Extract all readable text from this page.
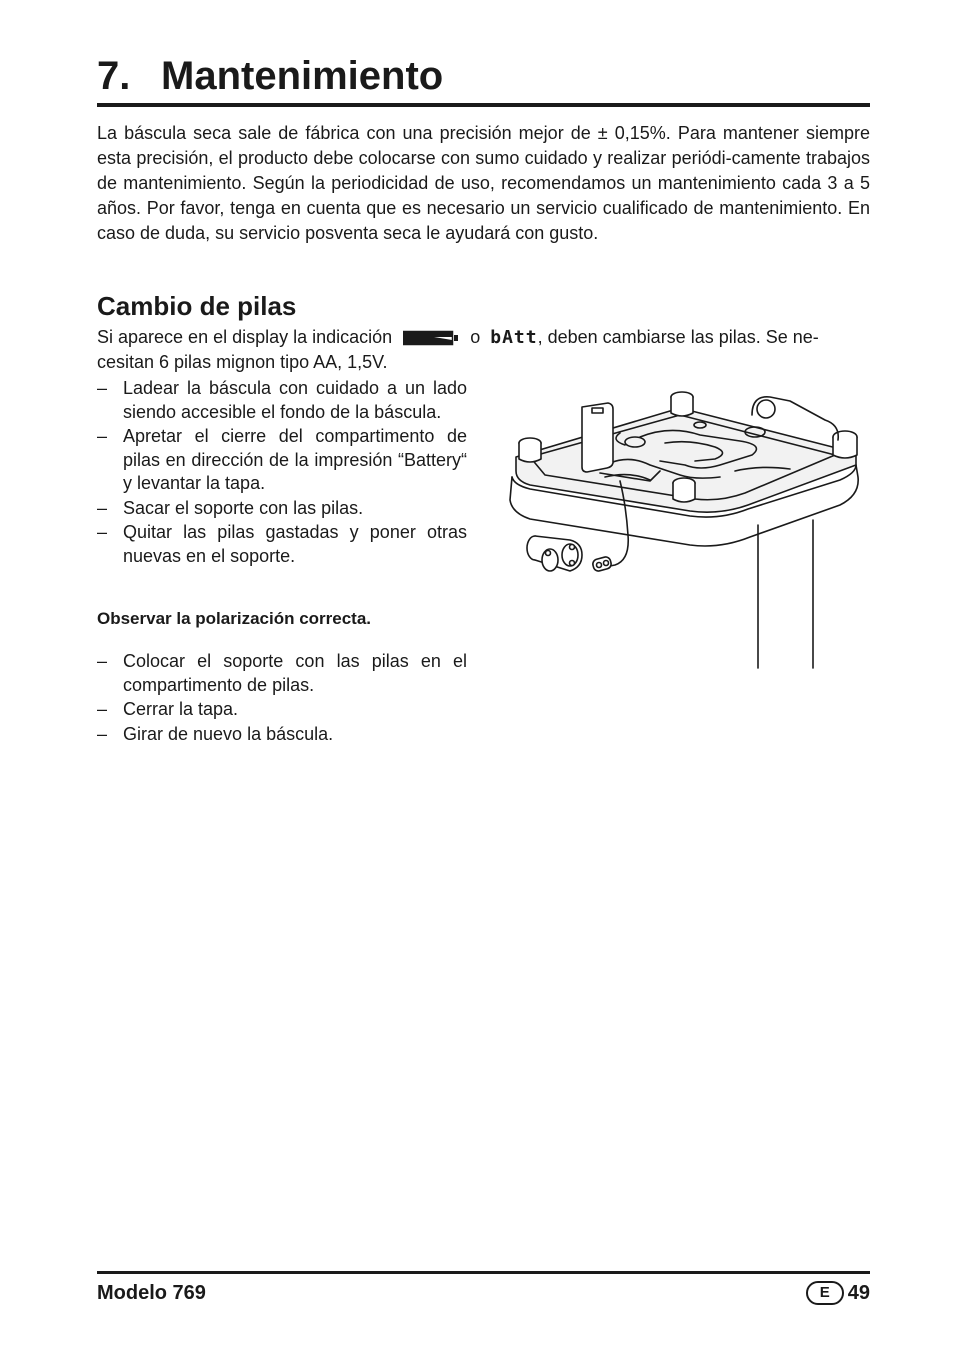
7. Mantenimiento

La báscula seca sale de fábrica con una precisión mejor de ± 0,15%. Para mantener siempre esta precisión, el producto debe colocarse con sumo cuidado y realizar periódi-camente trabajos de mantenimiento. Según la periodicidad de uso, recomendamos un mantenimiento cada 3 a 5 años. Por favor, tenga en cuenta que es necesario un servicio cualificado de mantenimiento. En caso de duda, su servicio posventa seca le ayudará con gusto.

Cambio de pilas
Si aparece en el display la indicación	o bAtt, deben cambiarse las pilas. Se ne-
cesitan 6 pilas mignon tipo AA, 1,5V.
– Ladear la báscula con cuidado a un lado siendo accesible el fondo de la báscula.
– Apretar el cierre del compartimento de pilas en dirección de la impresión “Battery“ y levantar la tapa.
– Sacar el soporte con las pilas.
– Quitar las pilas gastadas y poner otras nuevas en el soporte.

Observar la polarización correcta.

– Colocar el soporte con las pilas en el compartimento de pilas.
– Cerrar la tapa.
– Girar de nuevo la báscula.
Modelo 769	E 49
